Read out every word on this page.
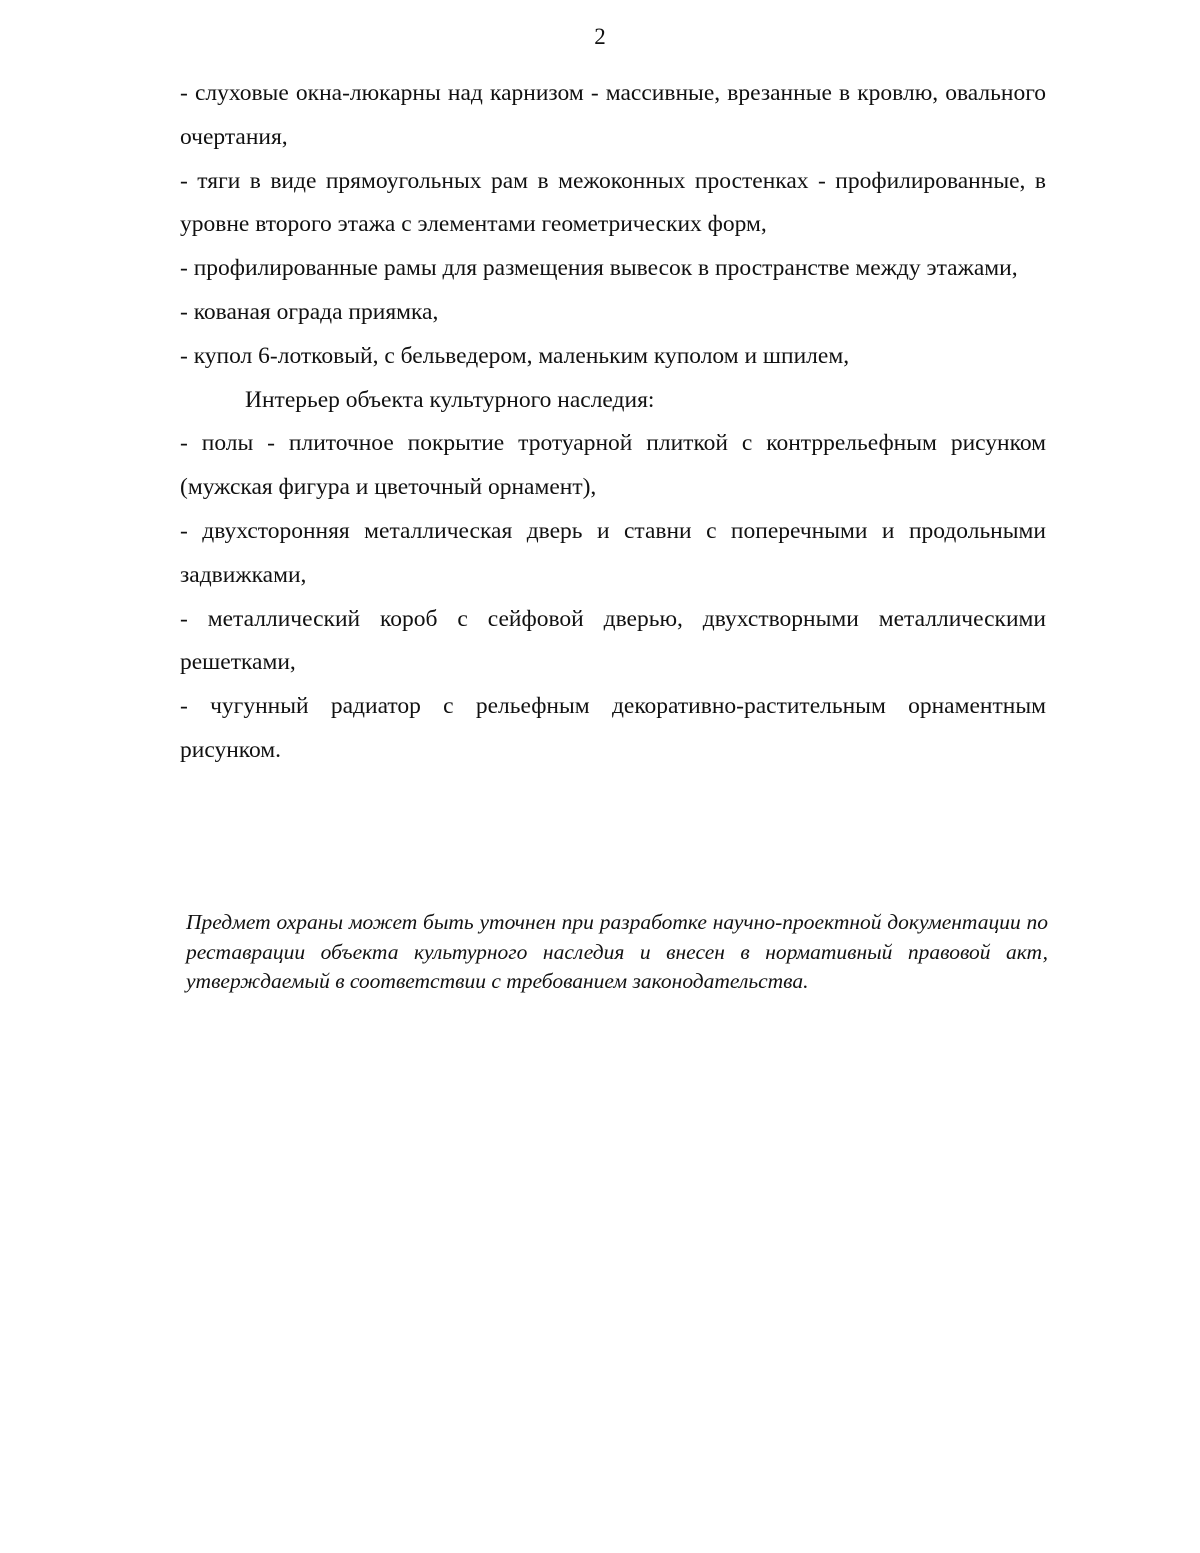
2

- слуховые окна-люкарны над карнизом - массивные, врезанные в кровлю, овального очертания,

- тяги в виде прямоугольных рам в межоконных простенках - профилированные, в уровне второго этажа с элементами геометрических форм,

- профилированные рамы для размещения вывесок в пространстве между этажами,

- кованая ограда приямка,

- купол 6-лотковый, с бельведером, маленьким куполом и шпилем,

Интерьер объекта культурного наследия:

- полы - плиточное покрытие тротуарной плиткой с контррельефным рисунком (мужская фигура и цветочный орнамент),

- двухсторонняя металлическая дверь и ставни с поперечными и продольными задвижками,

- металлический короб с сейфовой дверью, двухстворными металлическими решетками,

- чугунный радиатор с рельефным декоративно-растительным орнаментным рисунком.

Предмет охраны может быть уточнен при разработке научно-проектной документации по реставрации объекта культурного наследия и внесен в нормативный правовой акт, утверждаемый в соответствии с требованием законодательства.
